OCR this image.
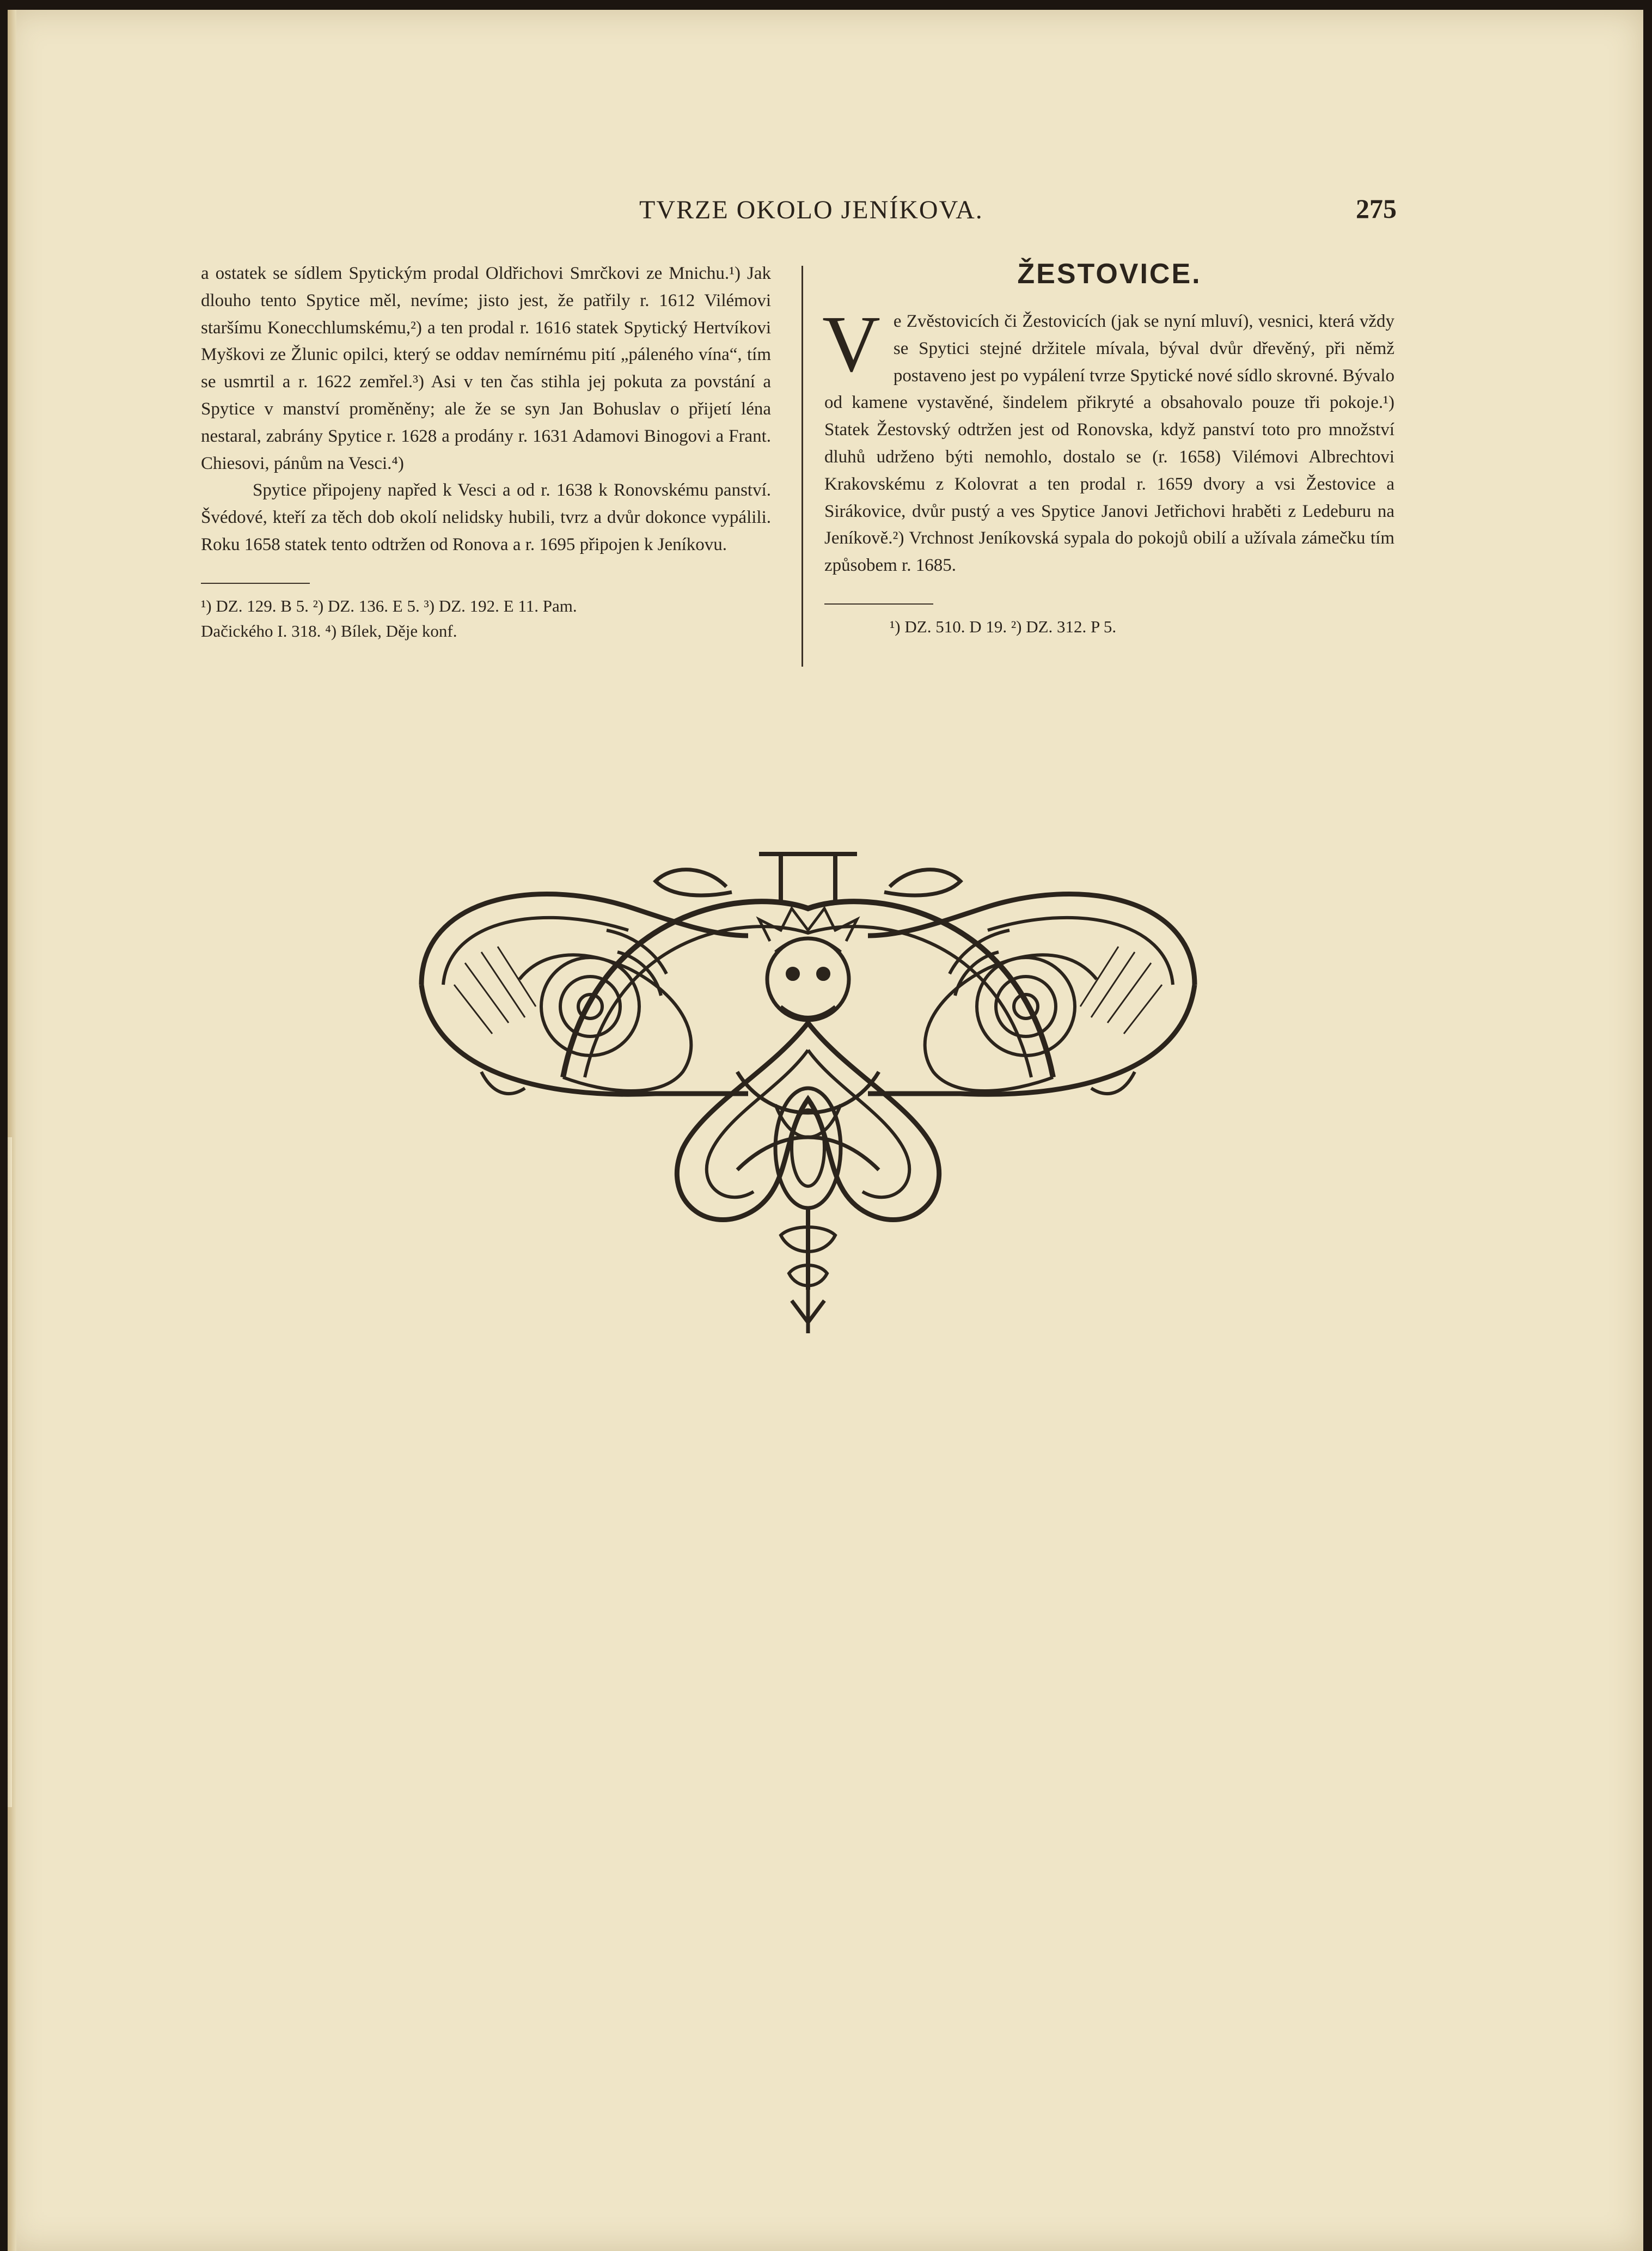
TVRZE OKOLO JENÍKOVA.	275

a ostatek se sídlem Spytickým prodal Oldřichovi Smrčkovi ze Mnichu.¹) Jak dlouho tento Spytice měl, nevíme; jisto jest, že patřily r. 1612 Vilémovi staršímu Konecchlumskému,²) a ten prodal r. 1616 statek Spytický Hertvíkovi Myškovi ze Žlunic opilci, který se oddav nemírnému pití „páleného vína“, tím se usmrtil a r. 1622 zemřel.³) Asi v ten čas stihla jej pokuta za povstání a Spytice v manství proměněny; ale že se syn Jan Bohuslav o přijetí léna nestaral, zabrány Spytice r. 1628 a prodány r. 1631 Adamovi Binogovi a Frant. Chiesovi, pánům na Vesci.⁴)

Spytice připojeny napřed k Vesci a od r. 1638 k Ronovskému panství. Švédové, kteří za těch dob okolí nelidsky hubili, tvrz a dvůr dokonce vypálili. Roku 1658 statek tento odtržen od Ronova a r. 1695 připojen k Jeníkovu.

¹) DZ. 129. B 5. ²) DZ. 136. E 5. ³) DZ. 192. E 11. Pam.

Dačického I. 318. ⁴) Bílek, Děje konf.

ŽESTOVICE.

Ve Zvěstovicích či Žestovicích (jak se nyní mluví), vesnici, která vždy se Spytici stejné držitele mívala, býval dvůr dřevěný, při němž postaveno jest po vypálení tvrze Spytické nové sídlo skrovné. Bývalo od kamene vystavěné, šindelem přikryté a obsahovalo pouze tři pokoje.¹) Statek Žestovský odtržen jest od Ronovska, když panství toto pro množství dluhů udrženo býti nemohlo, dostalo se (r. 1658) Vilémovi Albrechtovi Krakovskému z Kolovrat a ten prodal r. 1659 dvory a vsi Žestovice a Sirákovice, dvůr pustý a ves Spytice Janovi Jetřichovi hraběti z Ledeburu na Jeníkově.²) Vrchnost Jeníkovská sypala do pokojů obilí a užívala zámečku tím způsobem r. 1685.

¹) DZ. 510. D 19. ²) DZ. 312. P 5.
